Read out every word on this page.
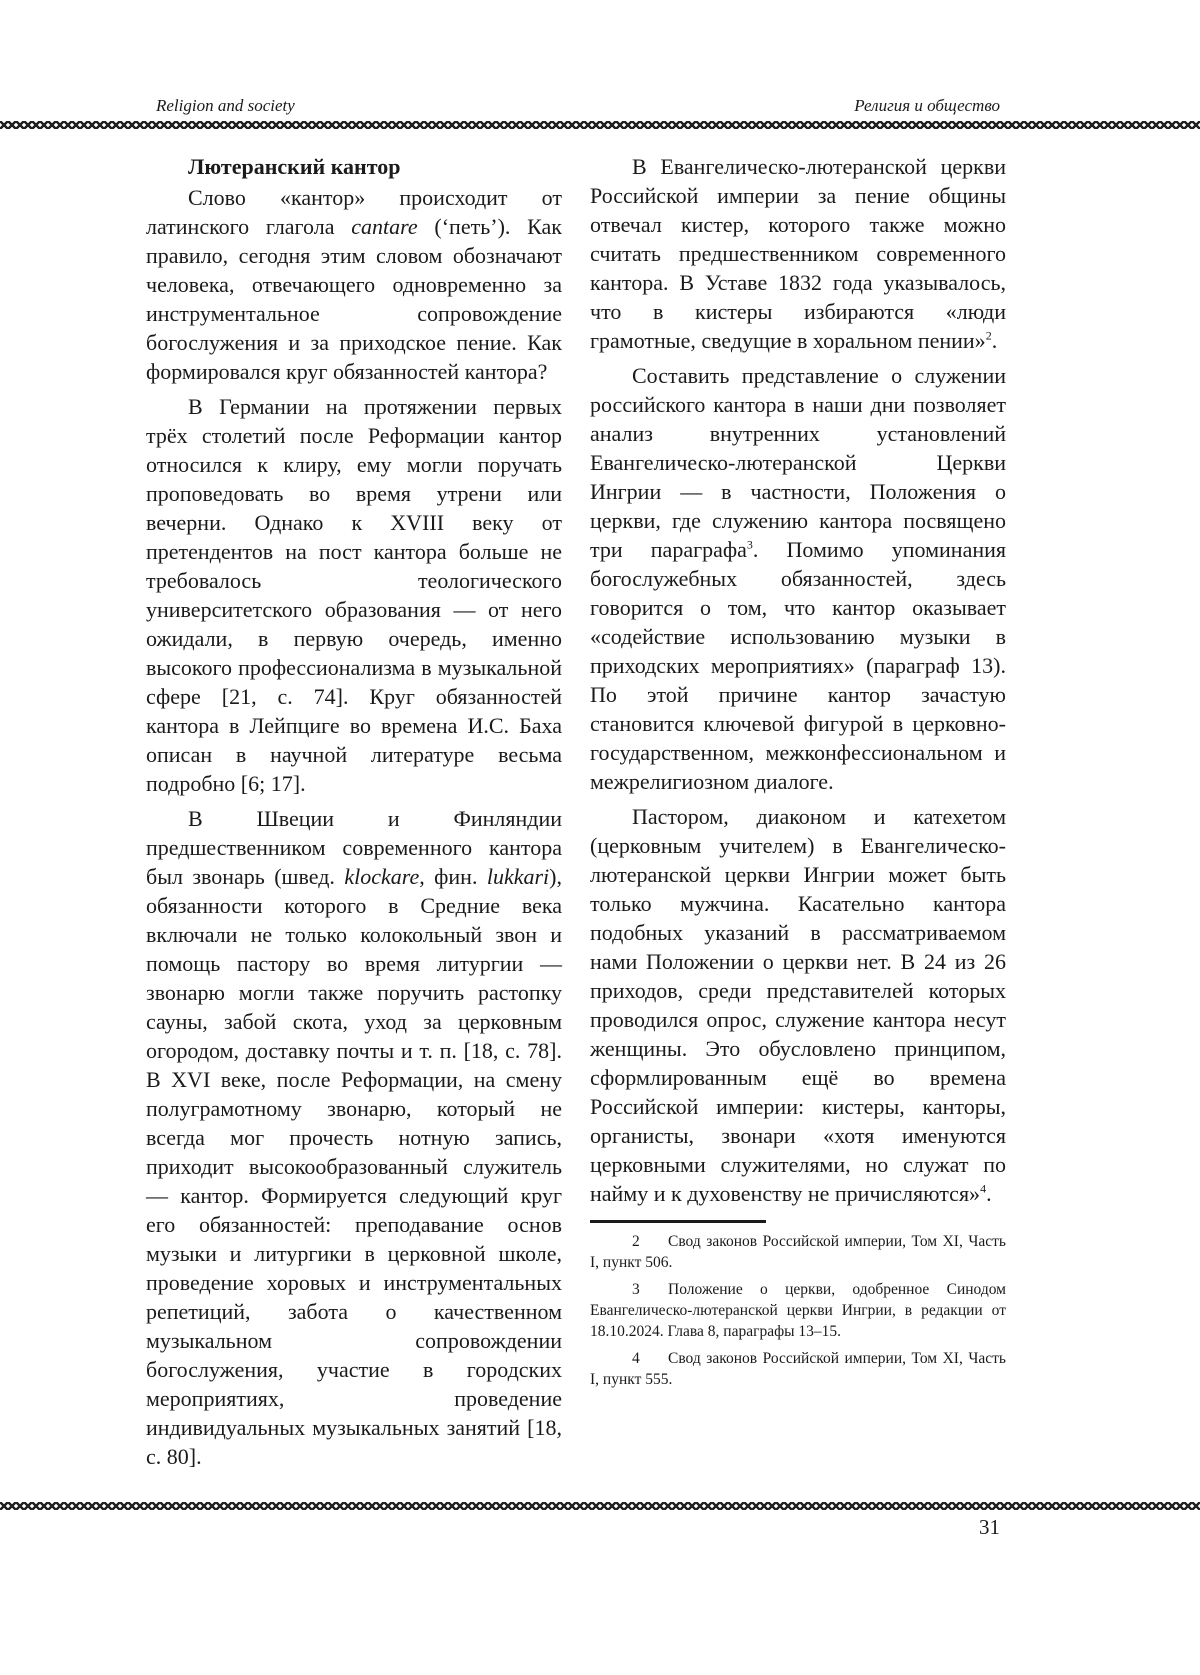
Religion and society	Религия и общество
Лютеранский кантор

Слово «кантор» происходит от латинского глагола cantare (‘петь’). Как правило, сегодня этим словом обозначают человека, отвечающего одновременно за инструментальное сопровождение богослужения и за приходское пение. Как формировался круг обязанностей кантора?

В Германии на протяжении первых трёх столетий после Реформации кантор относился к клиру, ему могли поручать проповедовать во время утрени или вечерни. Однако к XVIII веку от претендентов на пост кантора больше не требовалось теологического университетского образования — от него ожидали, в первую очередь, именно высокого профессионализма в музыкальной сфере [21, с. 74]. Круг обязанностей кантора в Лейпциге во времена И.С. Баха описан в научной литературе весьма подробно [6; 17].

В Швеции и Финляндии предшественником современного кантора был звонарь (швед. klockare, фин. lukkari), обязанности которого в Средние века включали не только колокольный звон и помощь пастору во время литургии — звонарю могли также поручить растопку сауны, забой скота, уход за церковным огородом, доставку почты и т. п. [18, с. 78]. В XVI веке, после Реформации, на смену полуграмотному звонарю, который не всегда мог прочесть нотную запись, приходит высокообразованный служитель — кантор. Формируется следующий круг его обязанностей: преподавание основ музыки и литургики в церковной школе, проведение хоровых и инструментальных репетиций, забота о качественном музыкальном сопровождении богослужения, участие в городских мероприятиях, проведение индивидуальных музыкальных занятий [18, с. 80].

В Евангелическо-лютеранской церкви Российской империи за пение общины отвечал кистер, которого также можно считать предшественником современного кантора. В Уставе 1832 года указывалось, что в кистеры избираются «люди грамотные, сведущие в хоральном пении»$^2$.

Составить представление о служении российского кантора в наши дни позволяет анализ внутренних установлений Евангелическо-лютеранской Церкви Ингрии — в частности, Положения о церкви, где служению кантора посвящено три параграфа$^3$. Помимо упоминания богослужебных обязанностей, здесь говорится о том, что кантор оказывает «содействие использованию музыки в приходских мероприятиях» (параграф 13). По этой причине кантор зачастую становится ключевой фигурой в церковно-государственном, межконфессиональном и межрелигиозном диалоге.

Пастором, диаконом и катехетом (церковным учителем) в Евангелическо-лютеранской церкви Ингрии может быть только мужчина. Касательно кантора подобных указаний в рассматриваемом нами Положении о церкви нет. В 24 из 26 приходов, среди представителей которых проводился опрос, служение кантора несут женщины. Это обусловлено принципом, сформлированным ещё во времена Российской империи: кистеры, канторы, органисты, звонари «хотя именуются церковными служителями, но служат по найму и к духовенству не причисляются»$^4$.

2 Свод законов Российской империи, Том XI, Часть I, пункт 506.

3 Положение о церкви, одобренное Синодом Евангелическо-лютеранской церкви Ингрии, в редакции от 18.10.2024. Глава 8, параграфы 13–15.

4 Свод законов Российской империи, Том XI, Часть I, пункт 555.

31
